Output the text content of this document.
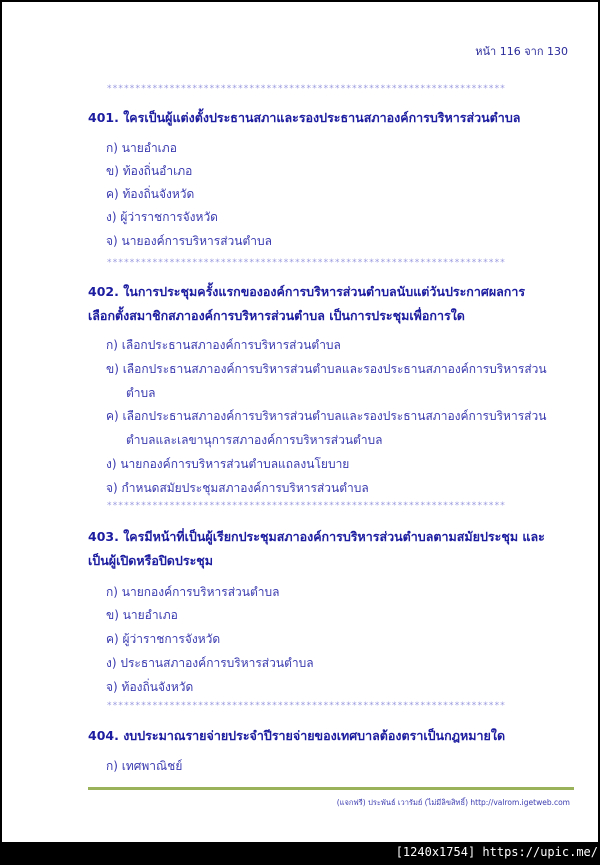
หน้า 116 จาก 130
**********************************************************************
401. ใครเป็นผู้แต่งตั้งประธานสภาและรองประธานสภาองค์การบริหารส่วนตำบล
ก) นายอำเภอ
ข) ท้องถิ่นอำเภอ
ค) ท้องถิ่นจังหวัด
ง) ผู้ว่าราชการจังหวัด
จ) นายองค์การบริหารส่วนตำบล
**********************************************************************
402. ในการประชุมครั้งแรกขององค์การบริหารส่วนตำบลนับแต่วันประกาศผลการ
เลือกตั้งสมาชิกสภาองค์การบริหารส่วนตำบล เป็นการประชุมเพื่อการใด
ก) เลือกประธานสภาองค์การบริหารส่วนตำบล
ข) เลือกประธานสภาองค์การบริหารส่วนตำบลและรองประธานสภาองค์การบริหารส่วน
ตำบล
ค) เลือกประธานสภาองค์การบริหารส่วนตำบลและรองประธานสภาองค์การบริหารส่วน
ตำบลและเลขานุการสภาองค์การบริหารส่วนตำบล
ง) นายกองค์การบริหารส่วนตำบลแถลงนโยบาย
จ) กำหนดสมัยประชุมสภาองค์การบริหารส่วนตำบล
**********************************************************************
403. ใครมีหน้าที่เป็นผู้เรียกประชุมสภาองค์การบริหารส่วนตำบลตามสมัยประชุม และ
เป็นผู้เปิดหรือปิดประชุม
ก) นายกองค์การบริหารส่วนตำบล
ข) นายอำเภอ
ค) ผู้ว่าราชการจังหวัด
ง) ประธานสภาองค์การบริหารส่วนตำบล
จ) ท้องถิ่นจังหวัด
**********************************************************************
404. งบประมาณรายจ่ายประจำปีรายจ่ายของเทศบาลต้องตราเป็นกฎหมายใด
ก) เทศพาณิชย์
(แจกฟรี) ประพันธ์ เวารัมย์ (ไม่มีลิขสิทธิ์) http://valrom.igetweb.com
[1240x1754] https://upic.me/
